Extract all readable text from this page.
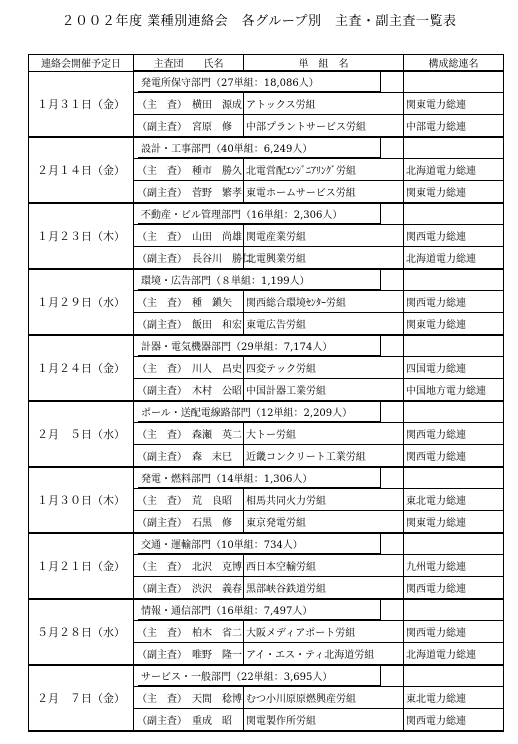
２００２年度 業種別連絡会　各グループ別　主査・副主査一覧表
連絡会開催予定日	主査団　　氏名	単　組　名	構成総連名
１月３１日（金）	発電所保守部門（27単組：18,086人）		
	（主　査） 横田　源成	アトックス労組	関東電力総連
	（副主査） 宮原　修	中部プラントサービス労組	中部電力総連
２月１４日（金）	設計・工事部門（40単組：6,249人）		
	（主　査） 種市　勝久	北電営配ｴﾝｼﾞﾆｱﾘﾝｸﾞ労組	北海道電力総連
	（副主査） 菅野　繁孝	東電ホームサービス労組	関東電力総連
１月２３日（木）	不動産・ビル管理部門（16単組：2,306人）		
	（主　査） 山田　尚雄	関電産業労組	関西電力総連
	（副主査） 長谷川　勝仁	北電興業労組	北海道電力総連
１月２９日（水）	環境・広告部門（８単組：1,199人）		
	（主　査） 種　鎭矢	関西総合環境ｾﾝﾀｰ労組	関西電力総連
	（副主査） 飯田　和宏	東電広告労組	関東電力総連
１月２４日（金）	計器・電気機器部門（29単組：7,174人）		
	（主　査） 川人　昌史	四変テック労組	四国電力総連
	（副主査） 木村　公昭	中国計器工業労組	中国地方電力総連
２月　５日（水）	ポール・送配電線路部門（12単組：2,209人）		
	（主　査） 森瀬　英二	大トー労組	関西電力総連
	（副主査） 森　末巳	近畿コンクリート工業労組	関西電力総連
１月３０日（木）	発電・燃料部門（14単組：1,306人）		
	（主　査） 荒　良昭	相馬共同火力労組	東北電力総連
	（副主査） 石黒　修	東京発電労組	関東電力総連
１月２１日（金）	交通・運輸部門（10単組：734人）		
	（主　査） 北沢　克博	西日本空輸労組	九州電力総連
	（副主査） 渋沢　義春	黒部峡谷鉄道労組	関西電力総連
５月２８日（水）	情報・通信部門（16単組：7,497人）		
	（主　査） 柏木　省二	大阪メディアポート労組	関西電力総連
	（副主査） 唯野　隆一	アイ・エス・ティ北海道労組	北海道電力総連
２月　７日（金）	サービス・一般部門（22単組：3,695人）		
	（主　査） 天間　稔博	むつ小川原原燃興産労組	東北電力総連
	（副主査） 重成　昭	関電製作所労組	関西電力総連
